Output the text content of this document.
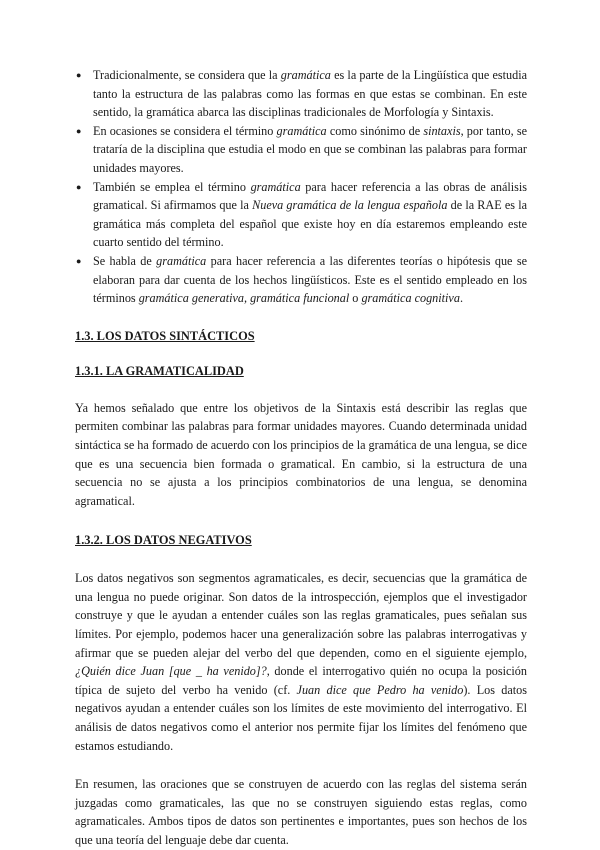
● Tradicionalmente, se considera que la gramática es la parte de la Lingüística que estudia tanto la estructura de las palabras como las formas en que estas se combinan. En este sentido, la gramática abarca las disciplinas tradicionales de Morfología y Sintaxis.
● En ocasiones se considera el término gramática como sinónimo de sintaxis, por tanto, se trataría de la disciplina que estudia el modo en que se combinan las palabras para formar unidades mayores.
● También se emplea el término gramática para hacer referencia a las obras de análisis gramatical. Si afirmamos que la Nueva gramática de la lengua española de la RAE es la gramática más completa del español que existe hoy en día estaremos empleando este cuarto sentido del término.
● Se habla de gramática para hacer referencia a las diferentes teorías o hipótesis que se elaboran para dar cuenta de los hechos lingüísticos. Este es el sentido empleado en los términos gramática generativa, gramática funcional o gramática cognitiva.
1.3. LOS DATOS SINTÁCTICOS
1.3.1. LA GRAMATICALIDAD

Ya hemos señalado que entre los objetivos de la Sintaxis está describir las reglas que permiten combinar las palabras para formar unidades mayores. Cuando determinada unidad sintáctica se ha formado de acuerdo con los principios de la gramática de una lengua, se dice que es una secuencia bien formada o gramatical. En cambio, si la estructura de una secuencia no se ajusta a los principios combinatorios de una lengua, se denomina agramatical.

1.3.2. LOS DATOS NEGATIVOS

Los datos negativos son segmentos agramaticales, es decir, secuencias que la gramática de una lengua no puede originar. Son datos de la introspección, ejemplos que el investigador construye y que le ayudan a entender cuáles son las reglas gramaticales, pues señalan sus límites. Por ejemplo, podemos hacer una generalización sobre las palabras interrogativas y afirmar que se pueden alejar del verbo del que dependen, como en el siguiente ejemplo, ¿Quién dice Juan [que _ ha venido]?, donde el interrogativo quién no ocupa la posición típica de sujeto del verbo ha venido (cf. Juan dice que Pedro ha venido). Los datos negativos ayudan a entender cuáles son los límites de este movimiento del interrogativo. El análisis de datos negativos como el anterior nos permite fijar los límites del fenómeno que estamos estudiando.

En resumen, las oraciones que se construyen de acuerdo con las reglas del sistema serán juzgadas como gramaticales, las que no se construyen siguiendo estas reglas, como agramaticales. Ambos tipos de datos son pertinentes e importantes, pues son hechos de los que una teoría del lenguaje debe dar cuenta.
